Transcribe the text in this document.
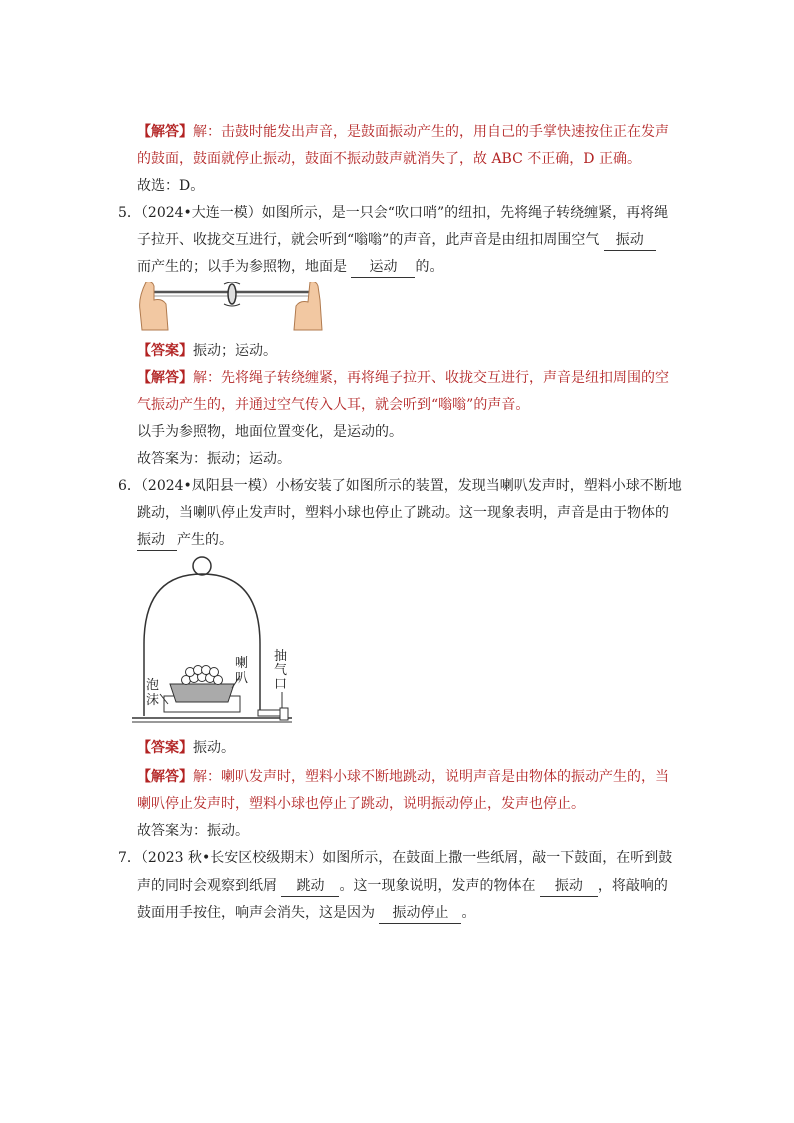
【解答】解：击鼓时能发出声音，是鼓面振动产生的，用自己的手掌快速按住正在发声
的鼓面，鼓面就停止振动，鼓面不振动鼓声就消失了，故 ABC 不正确，D 正确。
故选：D。
5．（2024•大连一模）如图所示，是一只会“吹口哨”的纽扣，先将绳子转绕缠紧，再将绳
子拉开、收拢交互进行，就会听到“嗡嗡”的声音，此声音是由纽扣周围空气 振动
而产生的；以手为参照物，地面是 运动 的。
【答案】振动；运动。
【解答】解：先将绳子转绕缠紧，再将绳子拉开、收拢交互进行，声音是纽扣周围的空
气振动产生的，并通过空气传入人耳，就会听到“嗡嗡”的声音。
以手为参照物，地面位置变化，是运动的。
故答案为：振动；运动。
6．（2024•凤阳县一模）小杨安装了如图所示的装置，发现当喇叭发声时，塑料小球不断地
跳动，当喇叭停止发声时，塑料小球也停止了跳动。这一现象表明，声音是由于物体的
振动 产生的。
喇
叭
泡
沫
抽
气
口
【答案】振动。
【解答】解：喇叭发声时，塑料小球不断地跳动，说明声音是由物体的振动产生的，当
喇叭停止发声时，塑料小球也停止了跳动，说明振动停止，发声也停止。
故答案为：振动。
7．（2023 秋•长安区校级期末）如图所示，在鼓面上撒一些纸屑，敲一下鼓面，在听到鼓
声的同时会观察到纸屑 跳动 。这一现象说明，发声的物体在 振动 ，将敲响的
鼓面用手按住，响声会消失，这是因为 振动停止 。
